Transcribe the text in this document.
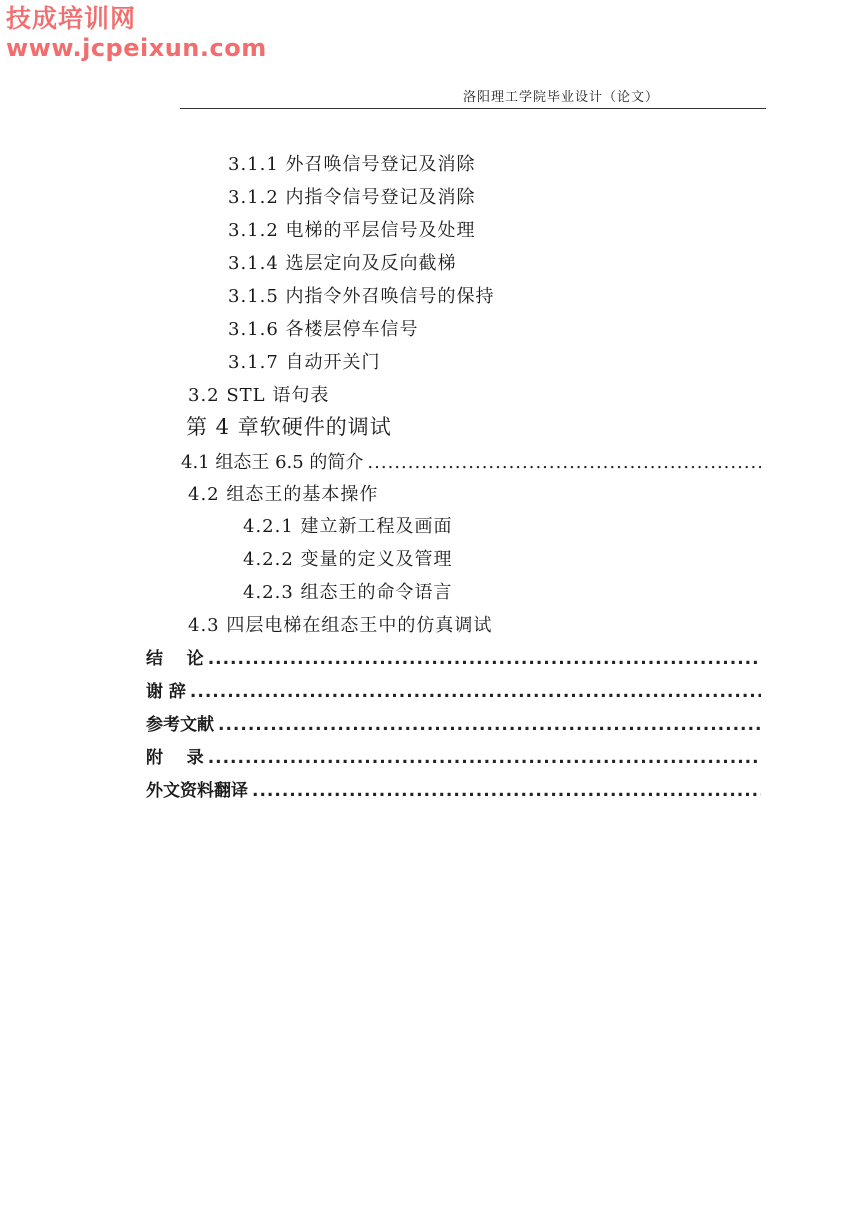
技成培训网
www.jcpeixun.com
洛阳理工学院毕业设计（论文）
3.1.1 外召唤信号登记及消除
3.1.2 内指令信号登记及消除
3.1.2 电梯的平层信号及处理
3.1.4 选层定向及反向截梯
3.1.5 内指令外召唤信号的保持
3.1.6 各楼层停车信号
3.1.7 自动开关门
3.2 STL 语句表
第 4 章软硬件的调试
4.1 组态王 6.5 的简介
.....
4.2 组态王的基本操作
4.2.1 建立新工程及画面
4.2.2 变量的定义及管理
4.2.3 组态王的命令语言
4.3 四层电梯在组态王中的仿真调试
结    论
.....
谢 辞
.....
参考文献
.....
附    录
.....
外文资料翻译
.....
